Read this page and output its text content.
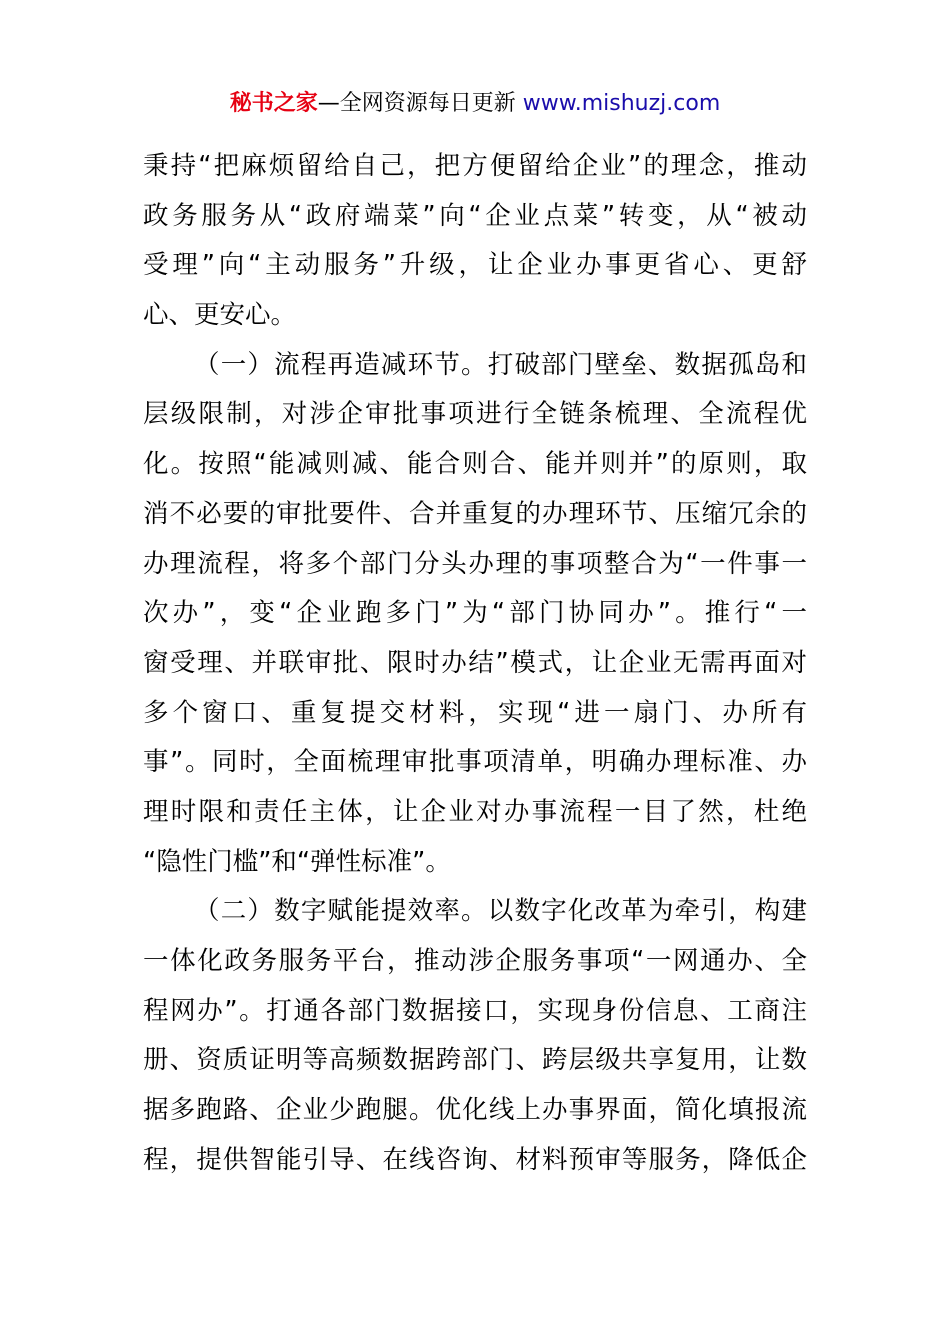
秘书之家—全网资源每日更新 www.mishuzj.com
秉持“把麻烦留给自己，把方便留给企业”的理念，推动
政务服务从“政府端菜”向“企业点菜”转变，从“被动
受理”向“主动服务”升级，让企业办事更省心、更舒
心、更安心。
（一）流程再造减环节。打破部门壁垒、数据孤岛和
层级限制，对涉企审批事项进行全链条梳理、全流程优
化。按照“能减则减、能合则合、能并则并”的原则，取
消不必要的审批要件、合并重复的办理环节、压缩冗余的
办理流程，将多个部门分头办理的事项整合为“一件事一
次办”，变“企业跑多门”为“部门协同办”。推行“一
窗受理、并联审批、限时办结”模式，让企业无需再面对
多个窗口、重复提交材料，实现“进一扇门、办所有
事”。同时，全面梳理审批事项清单，明确办理标准、办
理时限和责任主体，让企业对办事流程一目了然，杜绝
“隐性门槛”和“弹性标准”。
（二）数字赋能提效率。以数字化改革为牵引，构建
一体化政务服务平台，推动涉企服务事项“一网通办、全
程网办”。打通各部门数据接口，实现身份信息、工商注
册、资质证明等高频数据跨部门、跨层级共享复用，让数
据多跑路、企业少跑腿。优化线上办事界面，简化填报流
程，提供智能引导、在线咨询、材料预审等服务，降低企
